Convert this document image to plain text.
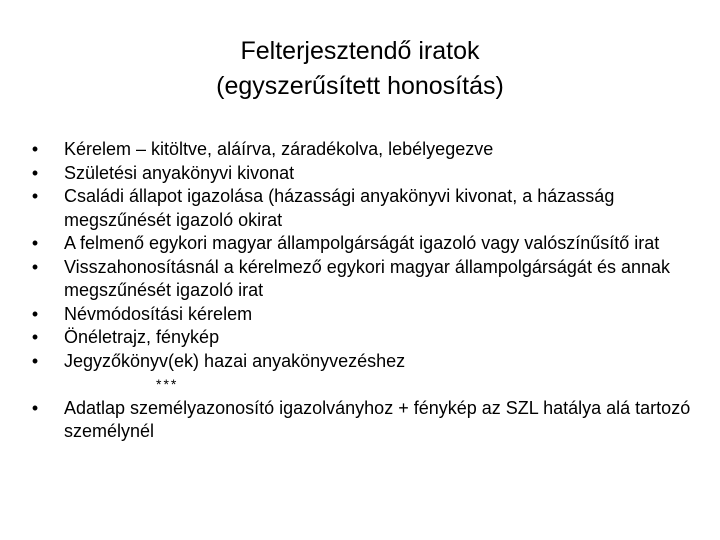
Felterjesztendő iratok
(egyszerűsített honosítás)
• Kérelem – kitöltve, aláírva, záradékolva, lebélyegezve
• Születési anyakönyvi kivonat
• Családi állapot igazolása (házassági anyakönyvi kivonat, a házasság megszűnését igazoló okirat
• A felmenő egykori magyar állampolgárságát igazoló vagy valószínűsítő irat
• Visszahonosításnál a kérelmező egykori magyar állampolgárságát és annak megszűnését igazoló irat
• Névmódosítási kérelem
• Önéletrajz, fénykép
• Jegyzőkönyv(ek) hazai anyakönyvezéshez
***
• Adatlap személyazonosító igazolványhoz + fénykép az SZL hatálya alá tartozó személynél
